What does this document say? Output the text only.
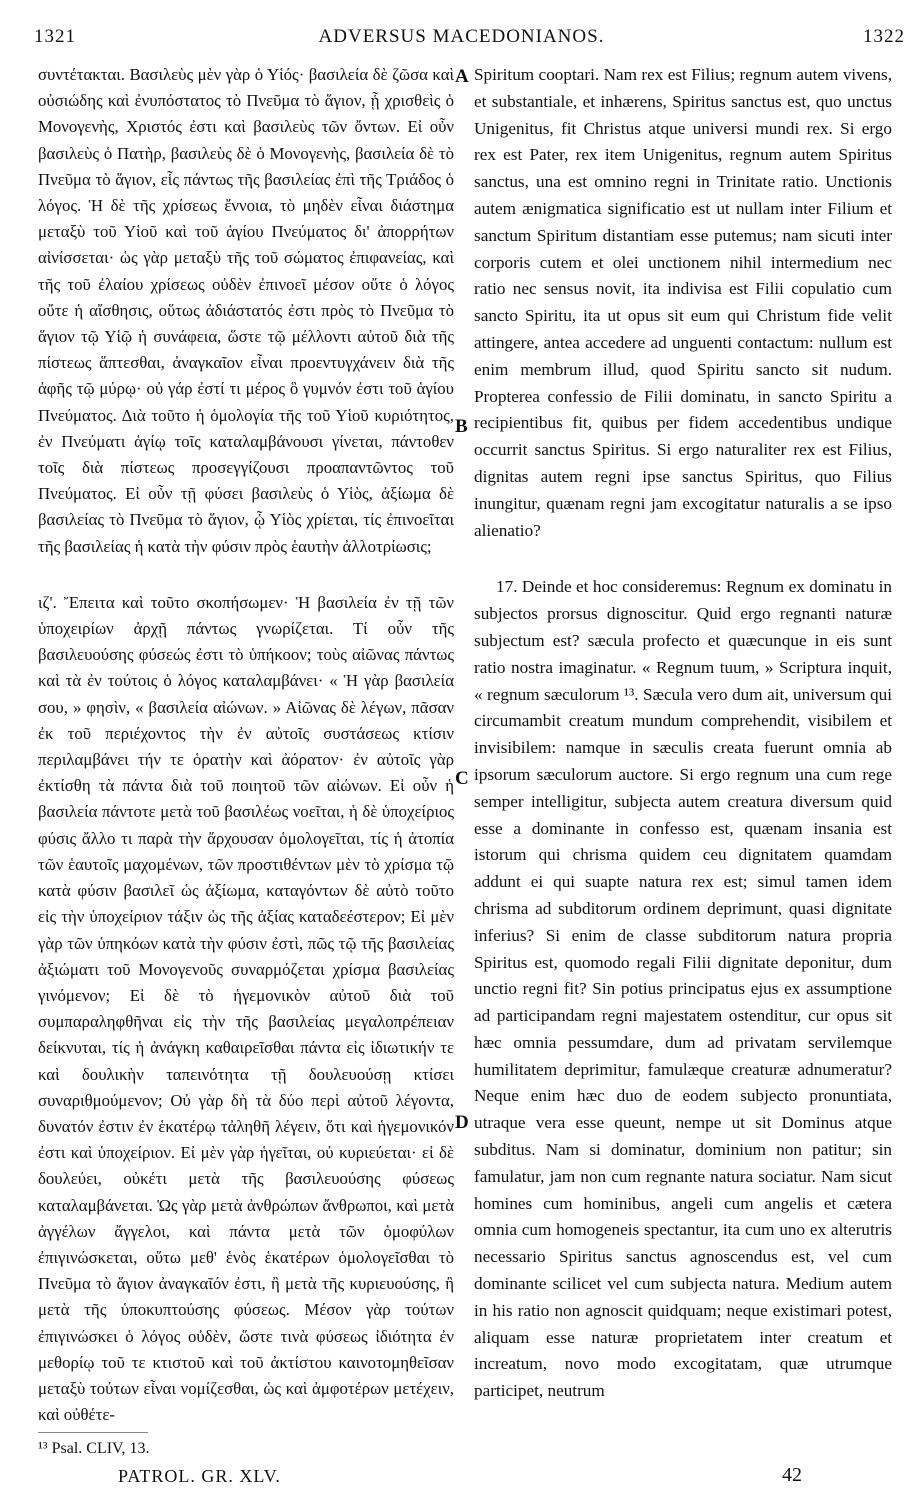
1321	ADVERSUS MACEDONIANOS.	1322

συντέτακται. Βασιλεὺς μὲν γὰρ ὁ Υἱός· βασιλεία δὲ ζῶσα καὶ οὐσιώδης καὶ ἐνυπόστατος τὸ Πνεῦμα τὸ ἅγιον, ᾗ χρισθεὶς ὁ Μονογενὴς, Χριστός ἐστι καὶ βασιλεὺς τῶν ὄντων. Εἰ οὖν βασιλεὺς ὁ Πατὴρ, βασιλεὺς δὲ ὁ Μονογενὴς, βασιλεία δὲ τὸ Πνεῦμα τὸ ἅγιον, εἷς πάντως τῆς βασιλείας ἐπὶ τῆς Τριάδος ὁ λόγος. Ἡ δὲ τῆς χρίσεως ἔννοια, τὸ μηδὲν εἶναι διάστημα μεταξὺ τοῦ Υἱοῦ καὶ τοῦ ἁγίου Πνεύματος δι' ἀπορρήτων αἰνίσσεται· ὡς γὰρ μεταξὺ τῆς τοῦ σώματος ἐπιφανείας, καὶ τῆς τοῦ ἐλαίου χρίσεως οὐδὲν ἐπινοεῖ μέσον οὔτε ὁ λόγος οὔτε ἡ αἴσθησις, οὕτως ἀδιάστατός ἐστι πρὸς τὸ Πνεῦμα τὸ ἅγιον τῷ Υἱῷ ἡ συνάφεια, ὥστε τῷ μέλλοντι αὐτοῦ διὰ τῆς πίστεως ἅπτεσθαι, ἀναγκαῖον εἶναι προεντυγχάνειν διὰ τῆς ἀφῆς τῷ μύρῳ· οὐ γάρ ἐστί τι μέρος ὃ γυμνόν ἐστι τοῦ ἁγίου Πνεύματος. Διὰ τοῦτο ἡ ὁμολογία τῆς τοῦ Υἱοῦ κυριότητος, ἐν Πνεύματι ἁγίῳ τοῖς καταλαμβάνουσι γίνεται, πάντοθεν τοῖς διὰ πίστεως προσεγγίζουσι προαπαντῶντος τοῦ Πνεύματος. Εἰ οὖν τῇ φύσει βασιλεὺς ὁ Υἱὸς, ἀξίωμα δὲ βασιλείας τὸ Πνεῦμα τὸ ἅγιον, ᾧ Υἱὸς χρίεται, τίς ἐπινοεῖται τῆς βασιλείας ἡ κατὰ τὴν φύσιν πρὸς ἑαυτὴν ἀλλοτρίωσις;

ιζ'. Ἔπειτα καὶ τοῦτο σκοπήσωμεν· Ἡ βασιλεία ἐν τῇ τῶν ὑποχειρίων ἀρχῇ πάντως γνωρίζεται. Τί οὖν τῆς βασιλευούσης φύσεώς ἐστι τὸ ὑπήκοον; τοὺς αἰῶνας πάντως καὶ τὰ ἐν τούτοις ὁ λόγος καταλαμβάνει· « Ἡ γὰρ βασιλεία σου, » φησὶν, « βασιλεία αἰώνων. » Αἰῶνας δὲ λέγων, πᾶσαν ἐκ τοῦ περιέχοντος τὴν ἐν αὐτοῖς συστάσεως κτίσιν περιλαμβάνει τήν τε ὁρατὴν καὶ ἀόρατον· ἐν αὐτοῖς γὰρ ἐκτίσθη τὰ πάντα διὰ τοῦ ποιητοῦ τῶν αἰώνων. Εἰ οὖν ἡ βασιλεία πάντοτε μετὰ τοῦ βασιλέως νοεῖται, ἡ δὲ ὑποχείριος φύσις ἄλλο τι παρὰ τὴν ἄρχουσαν ὁμολογεῖται, τίς ἡ ἀτοπία τῶν ἑαυτοῖς μαχομένων, τῶν προστιθέντων μὲν τὸ χρίσμα τῷ κατὰ φύσιν βασιλεῖ ὡς ἀξίωμα, καταγόντων δὲ αὐτὸ τοῦτο εἰς τὴν ὑποχείριον τάξιν ὡς τῆς ἀξίας καταδεέστερον; Εἰ μὲν γὰρ τῶν ὑπηκόων κατὰ τὴν φύσιν ἐστὶ, πῶς τῷ τῆς βασιλείας ἀξιώματι τοῦ Μονογενοῦς συναρμόζεται χρίσμα βασιλείας γινόμενον; Εἰ δὲ τὸ ἡγεμονικὸν αὐτοῦ διὰ τοῦ συμπαραληφθῆναι εἰς τὴν τῆς βασιλείας μεγαλοπρέπειαν δείκνυται, τίς ἡ ἀνάγκη καθαιρεῖσθαι πάντα εἰς ἰδιωτικήν τε καὶ δουλικὴν ταπεινότητα τῇ δουλευούσῃ κτίσει συναριθμούμενον; Οὐ γὰρ δὴ τὰ δύο περὶ αὐτοῦ λέγοντα, δυνατόν ἐστιν ἐν ἑκατέρῳ τἀληθῆ λέγειν, ὅτι καὶ ἡγεμονικόν ἐστι καὶ ὑποχείριον. Εἰ μὲν γὰρ ἡγεῖται, οὐ κυριεύεται· εἰ δὲ δουλεύει, οὐκέτι μετὰ τῆς βασιλευούσης φύσεως καταλαμβάνεται. Ὡς γὰρ μετὰ ἀνθρώπων ἄνθρωποι, καὶ μετὰ ἀγγέλων ἄγγελοι, καὶ πάντα μετὰ τῶν ὁμοφύλων ἐπιγινώσκεται, οὕτω μεθ' ἑνὸς ἑκατέρων ὁμολογεῖσθαι τὸ Πνεῦμα τὸ ἅγιον ἀναγκαῖόν ἐστι, ἢ μετὰ τῆς κυριευούσης, ἢ μετὰ τῆς ὑποκυπτούσης φύσεως. Μέσον γὰρ τούτων ἐπιγινώσκει ὁ λόγος οὐδὲν, ὥστε τινὰ φύσεως ἰδιότητα ἐν μεθορίῳ τοῦ τε κτιστοῦ καὶ τοῦ ἀκτίστου καινοτομηθεῖσαν μεταξὺ τούτων εἶναι νομίζεσθαι, ὡς καὶ ἀμφοτέρων μετέχειν, καὶ οὐθέτε-

A
B
C
D

Spiritum cooptari. Nam rex est Filius; regnum autem vivens, et substantiale, et inhærens, Spiritus sanctus est, quo unctus Unigenitus, fit Christus atque universi mundi rex. Si ergo rex est Pater, rex item Unigenitus, regnum autem Spiritus sanctus, una est omnino regni in Trinitate ratio. Unctionis autem ænigmatica significatio est ut nullam inter Filium et sanctum Spiritum distantiam esse putemus; nam sicuti inter corporis cutem et olei unctionem nihil intermedium nec ratio nec sensus novit, ita indivisa est Filii copulatio cum sancto Spiritu, ita ut opus sit eum qui Christum fide velit attingere, antea accedere ad unguenti contactum: nullum est enim membrum illud, quod Spiritu sancto sit nudum. Propterea confessio de Filii dominatu, in sancto Spiritu a recipientibus fit, quibus per fidem accedentibus undique occurrit sanctus Spiritus. Si ergo naturaliter rex est Filius, dignitas autem regni ipse sanctus Spiritus, quo Filius inungitur, quænam regni jam excogitatur naturalis a se ipso alienatio?

17. Deinde et hoc consideremus: Regnum ex dominatu in subjectos prorsus dignoscitur. Quid ergo regnanti naturæ subjectum est? sæcula profecto et quæcunque in eis sunt ratio nostra imaginatur. « Regnum tuum, » Scriptura inquit, « regnum sæculorum ¹³. Sæcula vero dum ait, universum qui circumambit creatum mundum comprehendit, visibilem et invisibilem: namque in sæculis creata fuerunt omnia ab ipsorum sæculorum auctore. Si ergo regnum una cum rege semper intelligitur, subjecta autem creatura diversum quid esse a dominante in confesso est, quænam insania est istorum qui chrisma quidem ceu dignitatem quamdam addunt ei qui suapte natura rex est; simul tamen idem chrisma ad subditorum ordinem deprimunt, quasi dignitate inferius? Si enim de classe subditorum natura propria Spiritus est, quomodo regali Filii dignitate deponitur, dum unctio regni fit? Sin potius principatus ejus ex assumptione ad participandam regni majestatem ostenditur, cur opus sit hæc omnia pessumdare, dum ad privatam servilemque humilitatem deprimitur, famulæque creaturæ adnumeratur? Neque enim hæc duo de eodem subjecto pronuntiata, utraque vera esse queunt, nempe ut sit Dominus atque subditus. Nam si dominatur, dominium non patitur; sin famulatur, jam non cum regnante natura sociatur. Nam sicut homines cum hominibus, angeli cum angelis et cætera omnia cum homogeneis spectantur, ita cum uno ex alterutris necessario Spiritus sanctus agnoscendus est, vel cum dominante scilicet vel cum subjecta natura. Medium autem in his ratio non agnoscit quidquam; neque existimari potest, aliquam esse naturæ proprietatem inter creatum et increatum, novo modo excogitatam, quæ utrumque participet, neutrum

¹³ Psal. CLIV, 13.
PATROL. GR. XLV.	42
